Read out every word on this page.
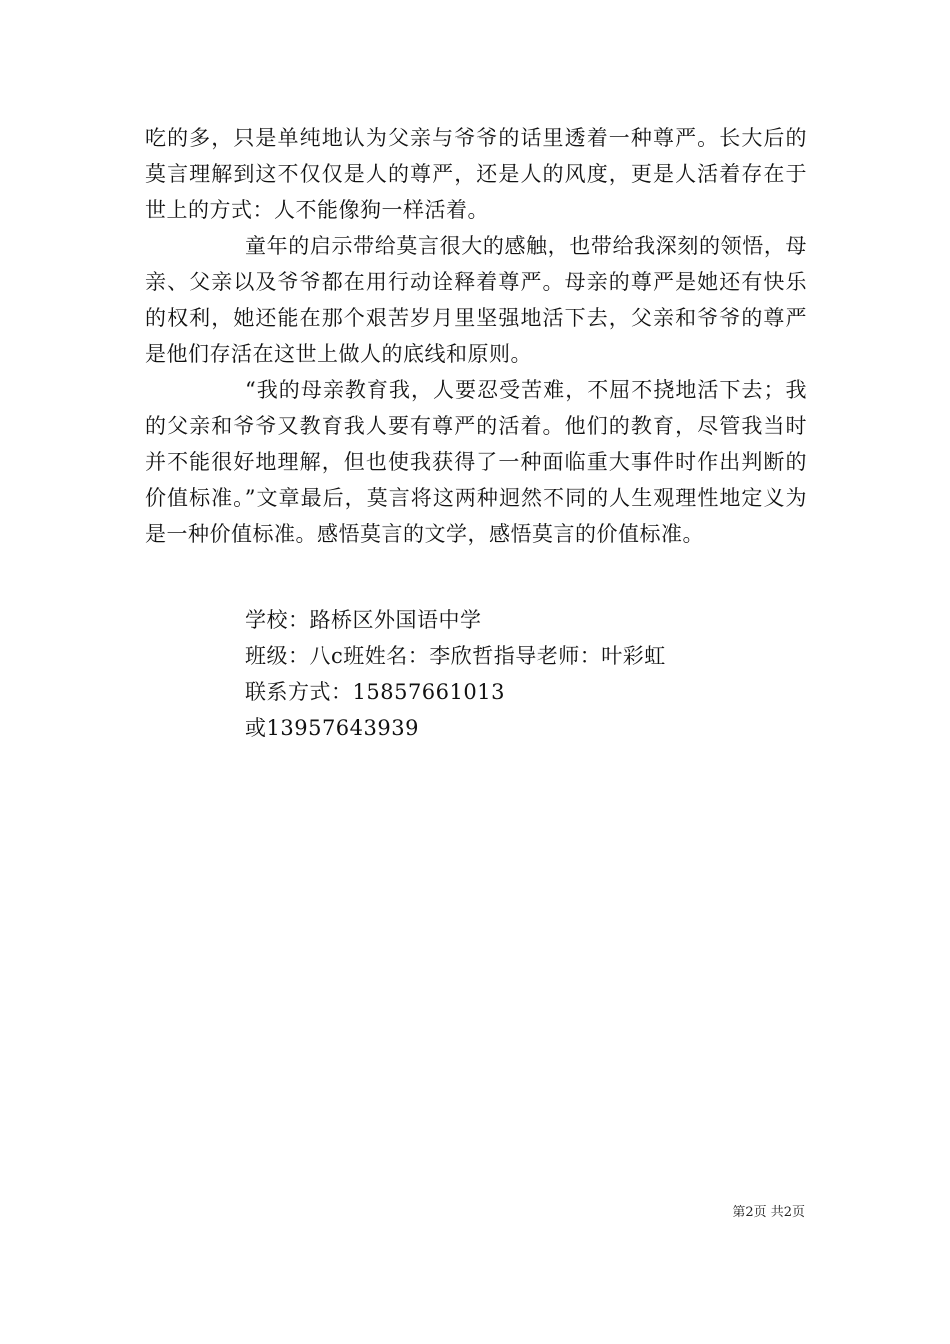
吃的多，只是单纯地认为父亲与爷爷的话里透着一种尊严。长大后的莫言理解到这不仅仅是人的尊严，还是人的风度，更是人活着存在于世上的方式：人不能像狗一样活着。

童年的启示带给莫言很大的感触，也带给我深刻的领悟，母亲、父亲以及爷爷都在用行动诠释着尊严。母亲的尊严是她还有快乐的权利，她还能在那个艰苦岁月里坚强地活下去，父亲和爷爷的尊严是他们存活在这世上做人的底线和原则。

“我的母亲教育我，人要忍受苦难，不屈不挠地活下去；我的父亲和爷爷又教育我人要有尊严的活着。他们的教育，尽管我当时并不能很好地理解，但也使我获得了一种面临重大事件时作出判断的价值标准。”文章最后，莫言将这两种迥然不同的人生观理性地定义为是一种价值标准。感悟莫言的文学，感悟莫言的价值标准。

学校：路桥区外国语中学
班级：八c班姓名：李欣哲指导老师：叶彩虹
联系方式：15857661013
或13957643939
第2页 共2页
